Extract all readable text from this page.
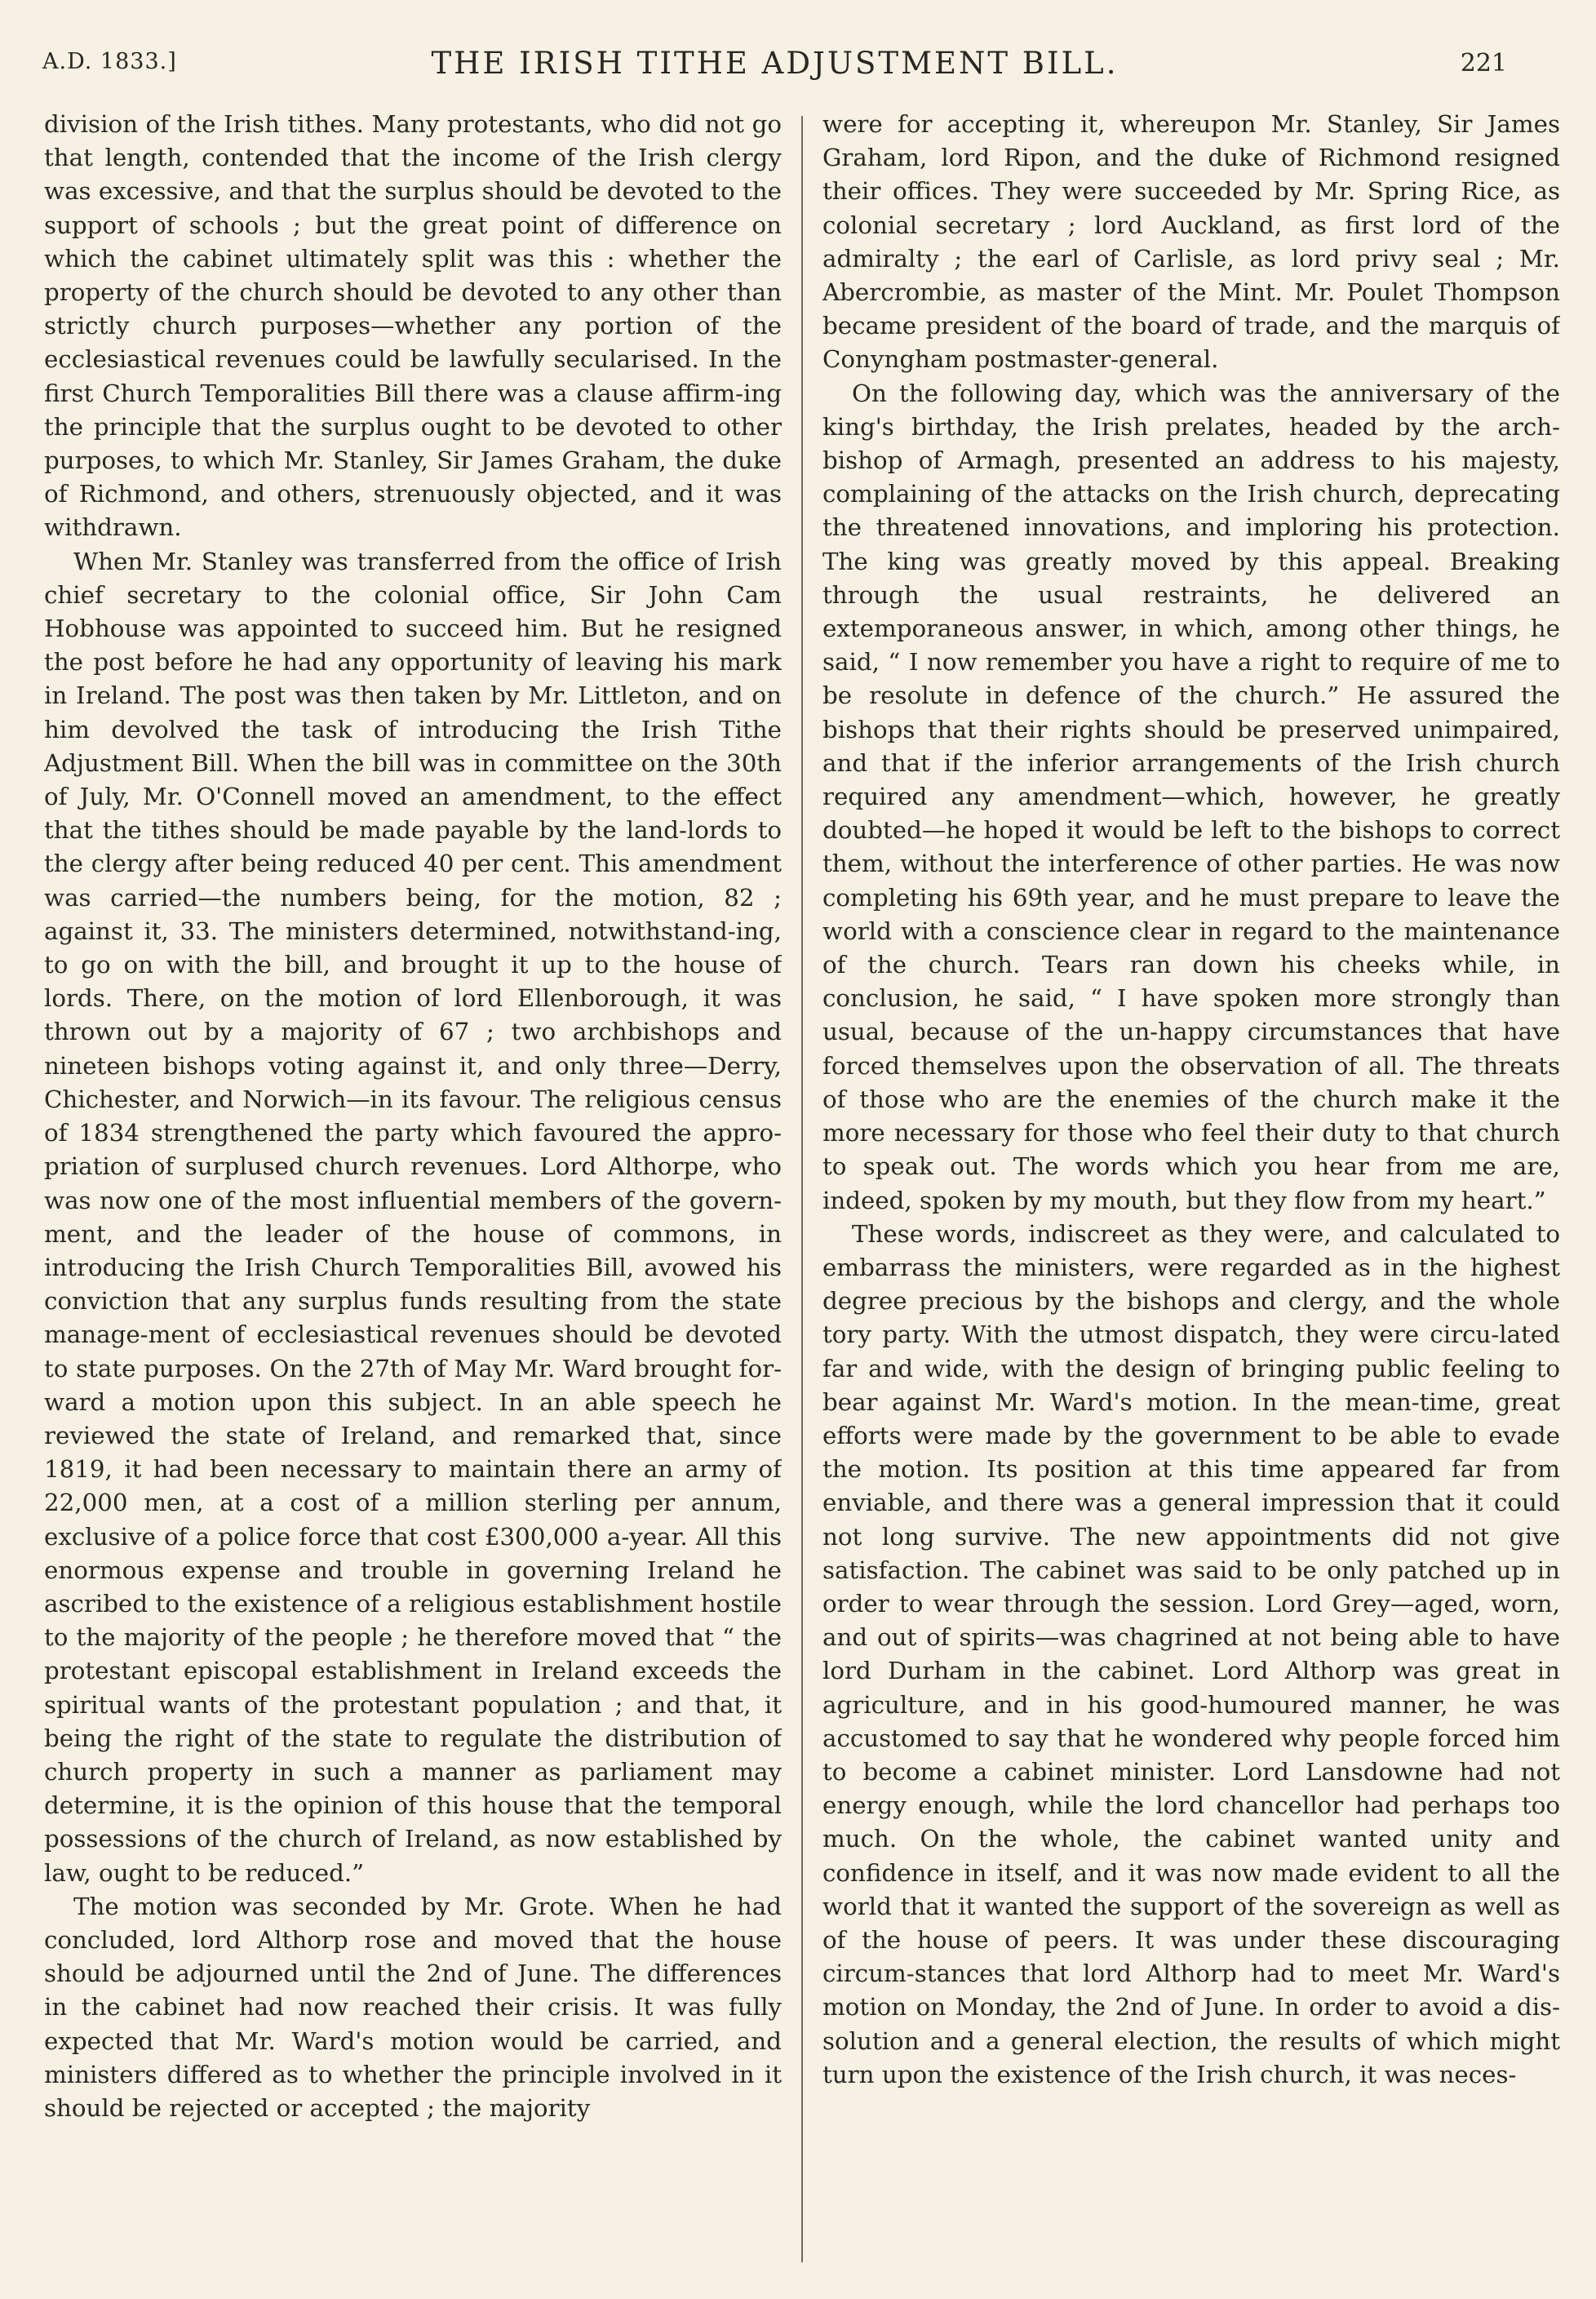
A.D. 1833.]	THE IRISH TITHE ADJUSTMENT BILL.	221

division of the Irish tithes. Many protestants, who did not go that length, contended that the income of the Irish clergy was excessive, and that the surplus should be devoted to the support of schools ; but the great point of difference on which the cabinet ultimately split was this : whether the property of the church should be devoted to any other than strictly church purposes—whether any portion of the ecclesiastical revenues could be lawfully secularised. In the first Church Temporalities Bill there was a clause affirm-ing the principle that the surplus ought to be devoted to other purposes, to which Mr. Stanley, Sir James Graham, the duke of Richmond, and others, strenuously objected, and it was withdrawn.

When Mr. Stanley was transferred from the office of Irish chief secretary to the colonial office, Sir John Cam Hobhouse was appointed to succeed him. But he resigned the post before he had any opportunity of leaving his mark in Ireland. The post was then taken by Mr. Littleton, and on him devolved the task of introducing the Irish Tithe Adjustment Bill. When the bill was in committee on the 30th of July, Mr. O'Connell moved an amendment, to the effect that the tithes should be made payable by the land-lords to the clergy after being reduced 40 per cent. This amendment was carried—the numbers being, for the motion, 82 ; against it, 33. The ministers determined, notwithstand-ing, to go on with the bill, and brought it up to the house of lords. There, on the motion of lord Ellenborough, it was thrown out by a majority of 67 ; two archbishops and nineteen bishops voting against it, and only three—Derry, Chichester, and Norwich—in its favour. The religious census of 1834 strengthened the party which favoured the appro-priation of surplused church revenues. Lord Althorpe, who was now one of the most influential members of the govern-ment, and the leader of the house of commons, in introducing the Irish Church Temporalities Bill, avowed his conviction that any surplus funds resulting from the state manage-ment of ecclesiastical revenues should be devoted to state purposes. On the 27th of May Mr. Ward brought for-ward a motion upon this subject. In an able speech he reviewed the state of Ireland, and remarked that, since 1819, it had been necessary to maintain there an army of 22,000 men, at a cost of a million sterling per annum, exclusive of a police force that cost £300,000 a-year. All this enormous expense and trouble in governing Ireland he ascribed to the existence of a religious establishment hostile to the majority of the people ; he therefore moved that “ the protestant episcopal establishment in Ireland exceeds the spiritual wants of the protestant population ; and that, it being the right of the state to regulate the distribution of church property in such a manner as parliament may determine, it is the opinion of this house that the temporal possessions of the church of Ireland, as now established by law, ought to be reduced.”

The motion was seconded by Mr. Grote. When he had concluded, lord Althorp rose and moved that the house should be adjourned until the 2nd of June. The differences in the cabinet had now reached their crisis. It was fully expected that Mr. Ward's motion would be carried, and ministers differed as to whether the principle involved in it should be rejected or accepted ; the majority

were for accepting it, whereupon Mr. Stanley, Sir James Graham, lord Ripon, and the duke of Richmond resigned their offices. They were succeeded by Mr. Spring Rice, as colonial secretary ; lord Auckland, as first lord of the admiralty ; the earl of Carlisle, as lord privy seal ; Mr. Abercrombie, as master of the Mint. Mr. Poulet Thompson became president of the board of trade, and the marquis of Conyngham postmaster-general.

On the following day, which was the anniversary of the king's birthday, the Irish prelates, headed by the arch-bishop of Armagh, presented an address to his majesty, complaining of the attacks on the Irish church, deprecating the threatened innovations, and imploring his protection. The king was greatly moved by this appeal. Breaking through the usual restraints, he delivered an extemporaneous answer, in which, among other things, he said, “ I now remember you have a right to require of me to be resolute in defence of the church.” He assured the bishops that their rights should be preserved unimpaired, and that if the inferior arrangements of the Irish church required any amendment—which, however, he greatly doubted—he hoped it would be left to the bishops to correct them, without the interference of other parties. He was now completing his 69th year, and he must prepare to leave the world with a conscience clear in regard to the maintenance of the church. Tears ran down his cheeks while, in conclusion, he said, “ I have spoken more strongly than usual, because of the un-happy circumstances that have forced themselves upon the observation of all. The threats of those who are the enemies of the church make it the more necessary for those who feel their duty to that church to speak out. The words which you hear from me are, indeed, spoken by my mouth, but they flow from my heart.”

These words, indiscreet as they were, and calculated to embarrass the ministers, were regarded as in the highest degree precious by the bishops and clergy, and the whole tory party. With the utmost dispatch, they were circu-lated far and wide, with the design of bringing public feeling to bear against Mr. Ward's motion. In the mean-time, great efforts were made by the government to be able to evade the motion. Its position at this time appeared far from enviable, and there was a general impression that it could not long survive. The new appointments did not give satisfaction. The cabinet was said to be only patched up in order to wear through the session. Lord Grey—aged, worn, and out of spirits—was chagrined at not being able to have lord Durham in the cabinet. Lord Althorp was great in agriculture, and in his good-humoured manner, he was accustomed to say that he wondered why people forced him to become a cabinet minister. Lord Lansdowne had not energy enough, while the lord chancellor had perhaps too much. On the whole, the cabinet wanted unity and confidence in itself, and it was now made evident to all the world that it wanted the support of the sovereign as well as of the house of peers. It was under these discouraging circum-stances that lord Althorp had to meet Mr. Ward's motion on Monday, the 2nd of June. In order to avoid a dis-solution and a general election, the results of which might turn upon the existence of the Irish church, it was neces-
